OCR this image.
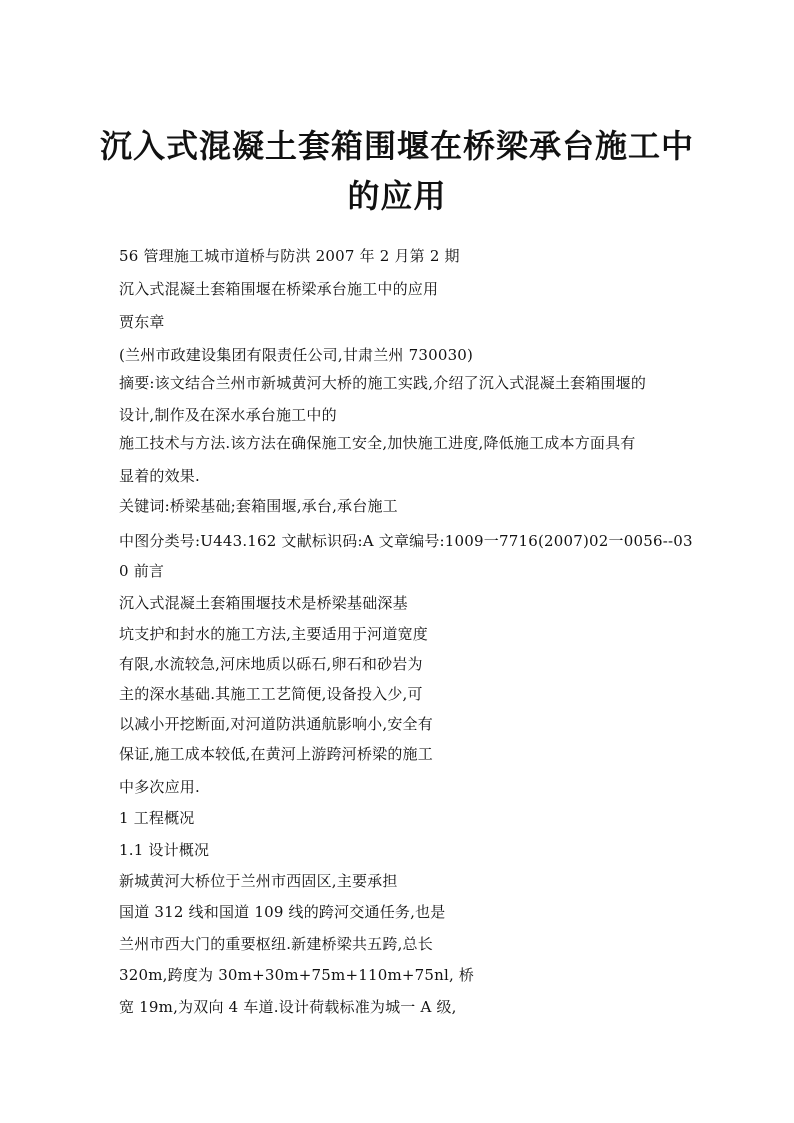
沉入式混凝土套箱围堰在桥梁承台施工中
的应用
56 管理施工城市道桥与防洪 2007 年 2 月第 2 期
沉入式混凝土套箱围堰在桥梁承台施工中的应用
贾东章
(兰州市政建设集团有限责任公司,甘肃兰州 730030)
摘要:该文结合兰州市新城黄河大桥的施工实践,介绍了沉入式混凝土套箱围堰的
设计,制作及在深水承台施工中的
施工技术与方法.该方法在确保施工安全,加快施工进度,降低施工成本方面具有
显着的效果.
关键词:桥梁基础;套箱围堰,承台,承台施工
中图分类号:U443.162 文献标识码:A 文章编号:1009一7716(2007)02一0056--03
0 前言
沉入式混凝土套箱围堰技术是桥梁基础深基
坑支护和封水的施工方法,主要适用于河道宽度
有限,水流较急,河床地质以砾石,卵石和砂岩为
主的深水基础.其施工工艺简便,设备投入少,可
以减小开挖断面,对河道防洪通航影响小,安全有
保证,施工成本较低,在黄河上游跨河桥梁的施工
中多次应用.
1 工程概况
1.1 设计概况
新城黄河大桥位于兰州市西固区,主要承担
国道 312 线和国道 109 线的跨河交通任务,也是
兰州市西大门的重要枢纽.新建桥梁共五跨,总长
320m,跨度为 30m+30m+75m+110m+75nl, 桥
宽 19m,为双向 4 车道.设计荷载标准为城一 A 级,
